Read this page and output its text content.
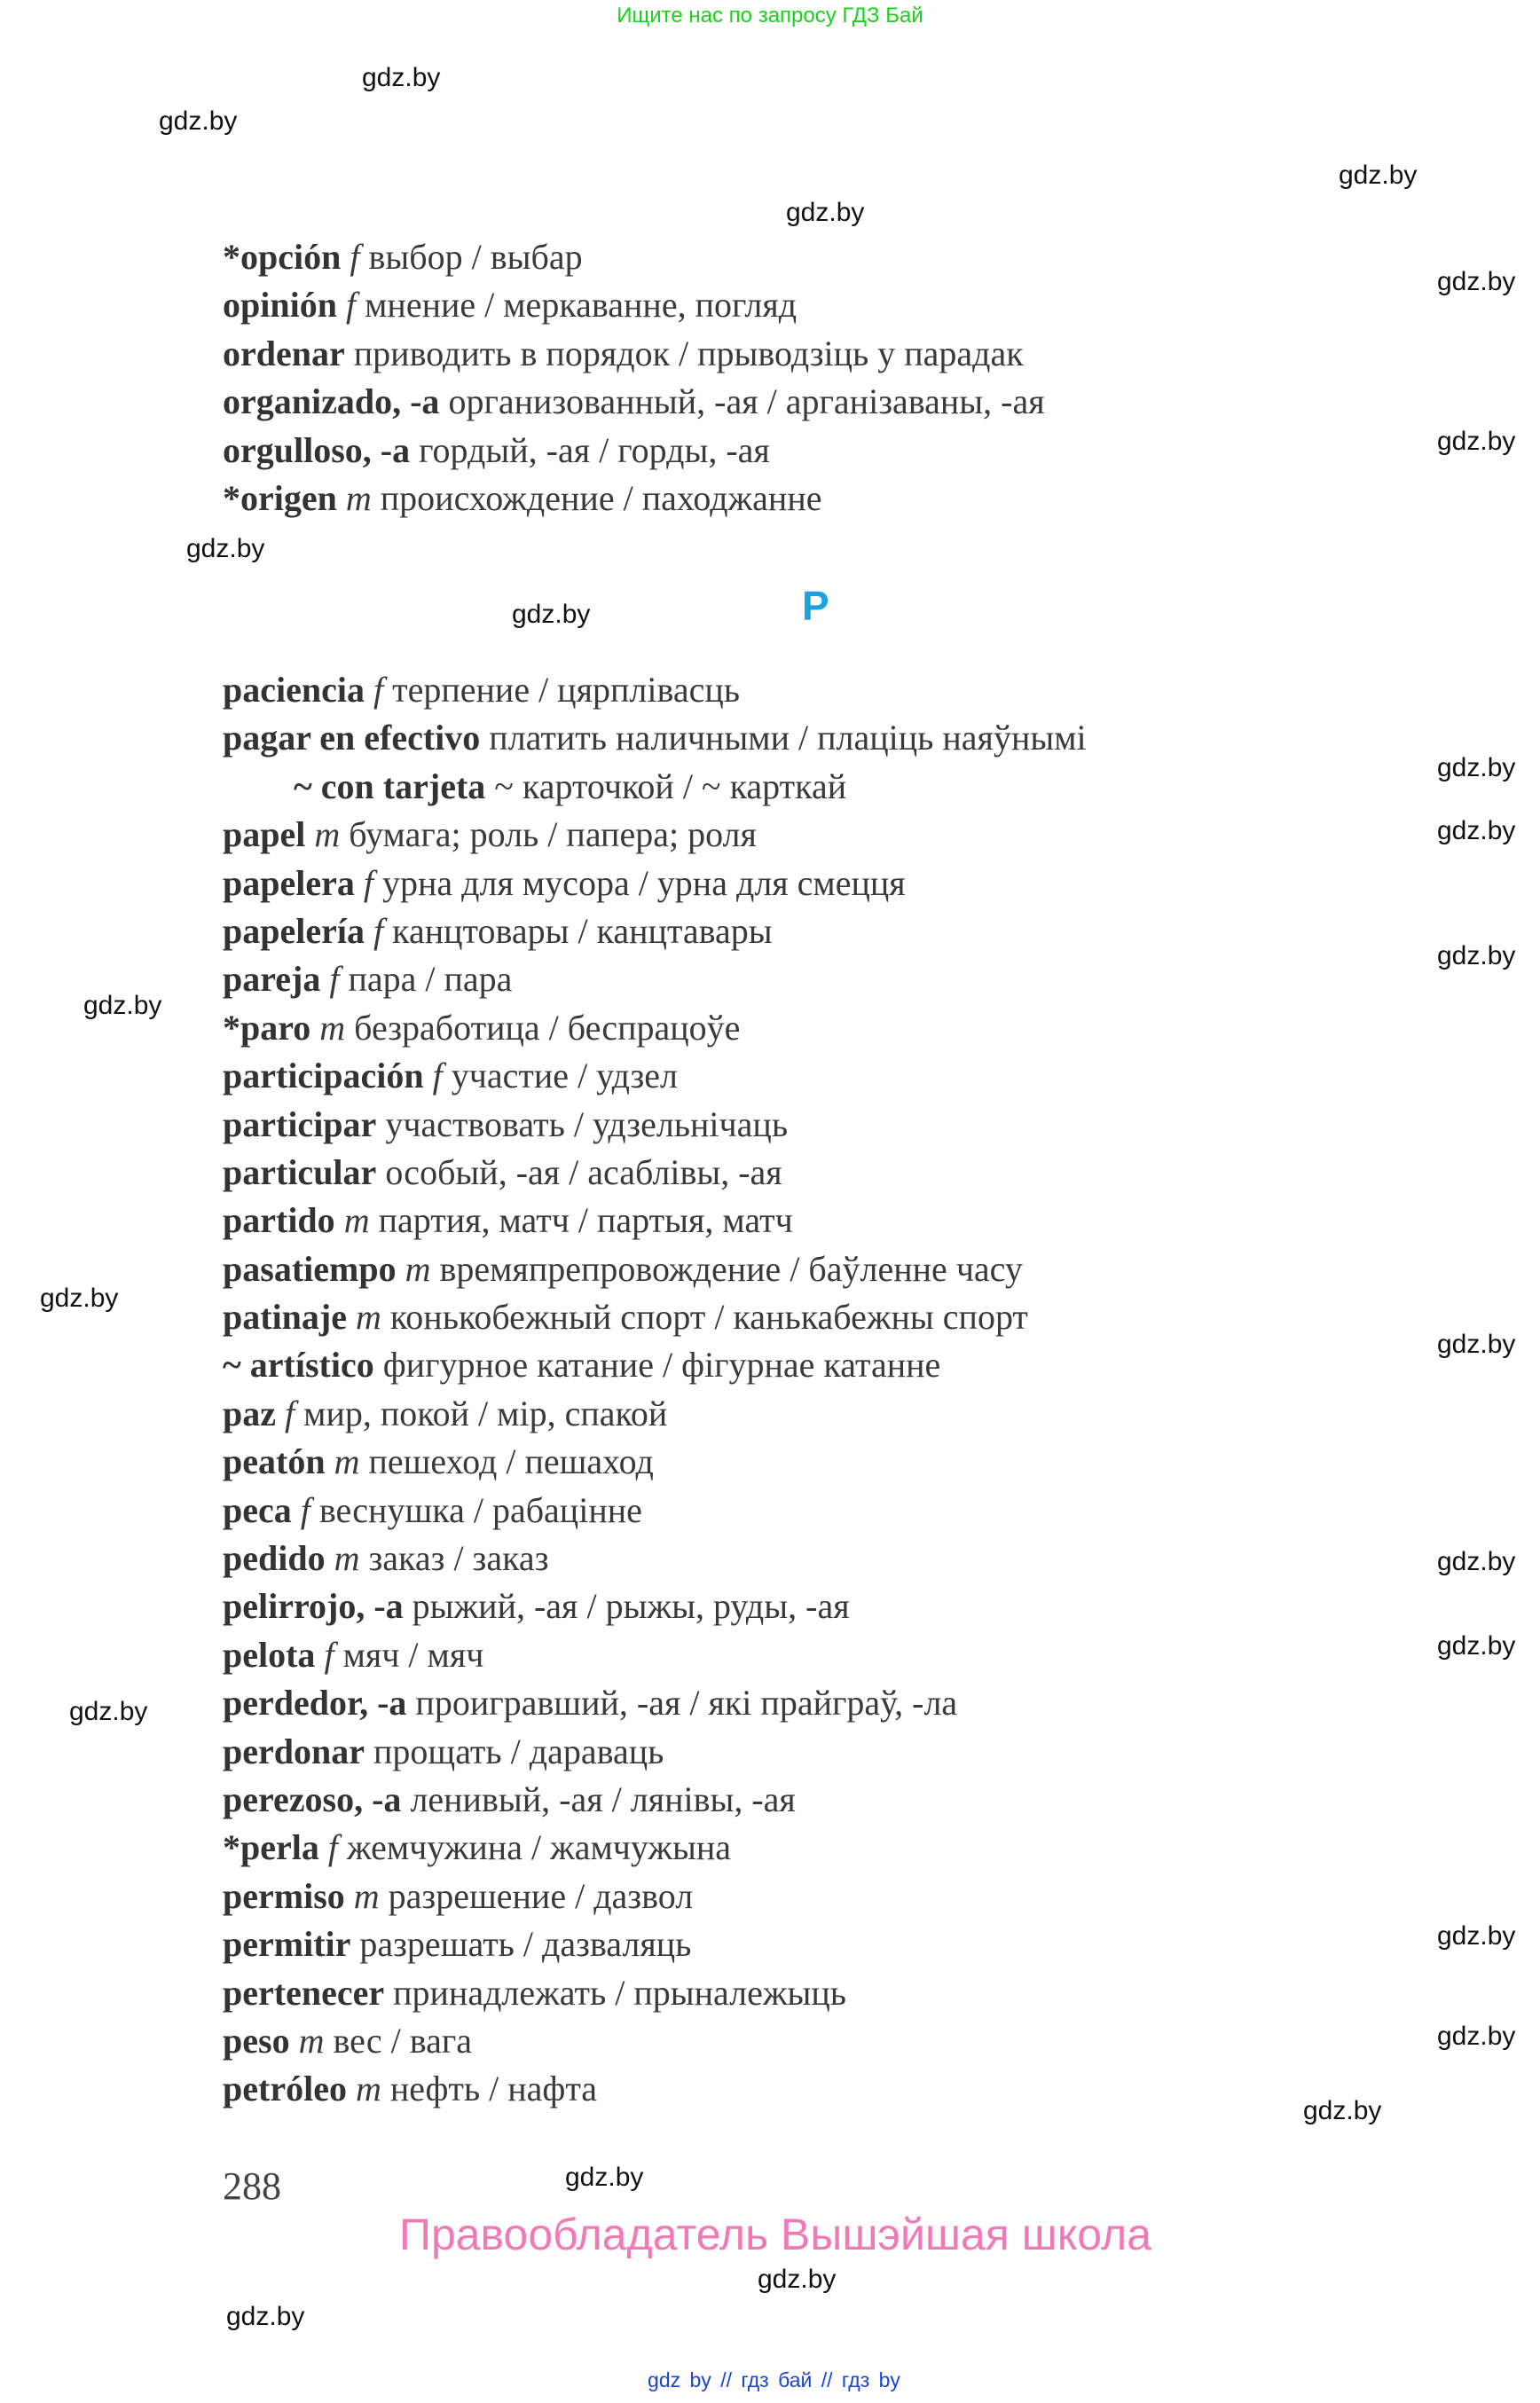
Ищите нас по запросу ГДЗ Бай
*opción f выбор / выбар
opinión f мнение / меркаванне, погляд
ordenar приводить в порядок / прыводзіць у парадак
organizado, -a организованный, -ая / арганізаваны, -ая
orgulloso, -a гордый, -ая / горды, -ая
*origen m происхождение / паходжанне
P
paciencia f терпение / цярплівасць
pagar en efectivo платить наличными / плаціць наяўнымі
~ con tarjeta ~ карточкой / ~ карткай
papel m бумага; роль / папера; роля
papelera f урна для мусора / урна для смецця
papelería f канцтовары / канцтавары
pareja f пара / пара
*paro m безработица / беспрацоўе
participación f участие / удзел
participar участвовать / удзельнічаць
particular особый, -ая / асаблівы, -ая
partido m партия, матч / партыя, матч
pasatiempo m времяпрепровождение / баўленне часу
patinaje m конькобежный спорт / канькабежны спорт
~ artístico фигурное катание / фігурнае катанне
paz f мир, покой / мір, спакой
peatón m пешеход / пешаход
peca f веснушка / рабацінне
pedido m заказ / заказ
pelirrojo, -a рыжий, -ая / рыжы, руды, -ая
pelota f мяч / мяч
perdedor, -a проигравший, -ая / які прайграў, -ла
perdonar прощать / дараваць
perezoso, -a ленивый, -ая / лянівы, -ая
*perla f жемчужина / жамчужына
permiso m разрешение / дазвол
permitir разрешать / дазваляць
pertenecer принадлежать / прыналежыць
peso m вес / вага
petróleo m нефть / нафта
288
Правообладатель Вышэйшая школа
gdz by // гдз бай // гдз by
gdz.by
gdz.by
gdz.by
gdz.by
gdz.by
gdz.by
gdz.by
gdz.by
gdz.by
gdz.by
gdz.by
gdz.by
gdz.by
gdz.by
gdz.by
gdz.by
gdz.by
gdz.by
gdz.by
gdz.by
gdz.by
gdz.by
gdz.by
